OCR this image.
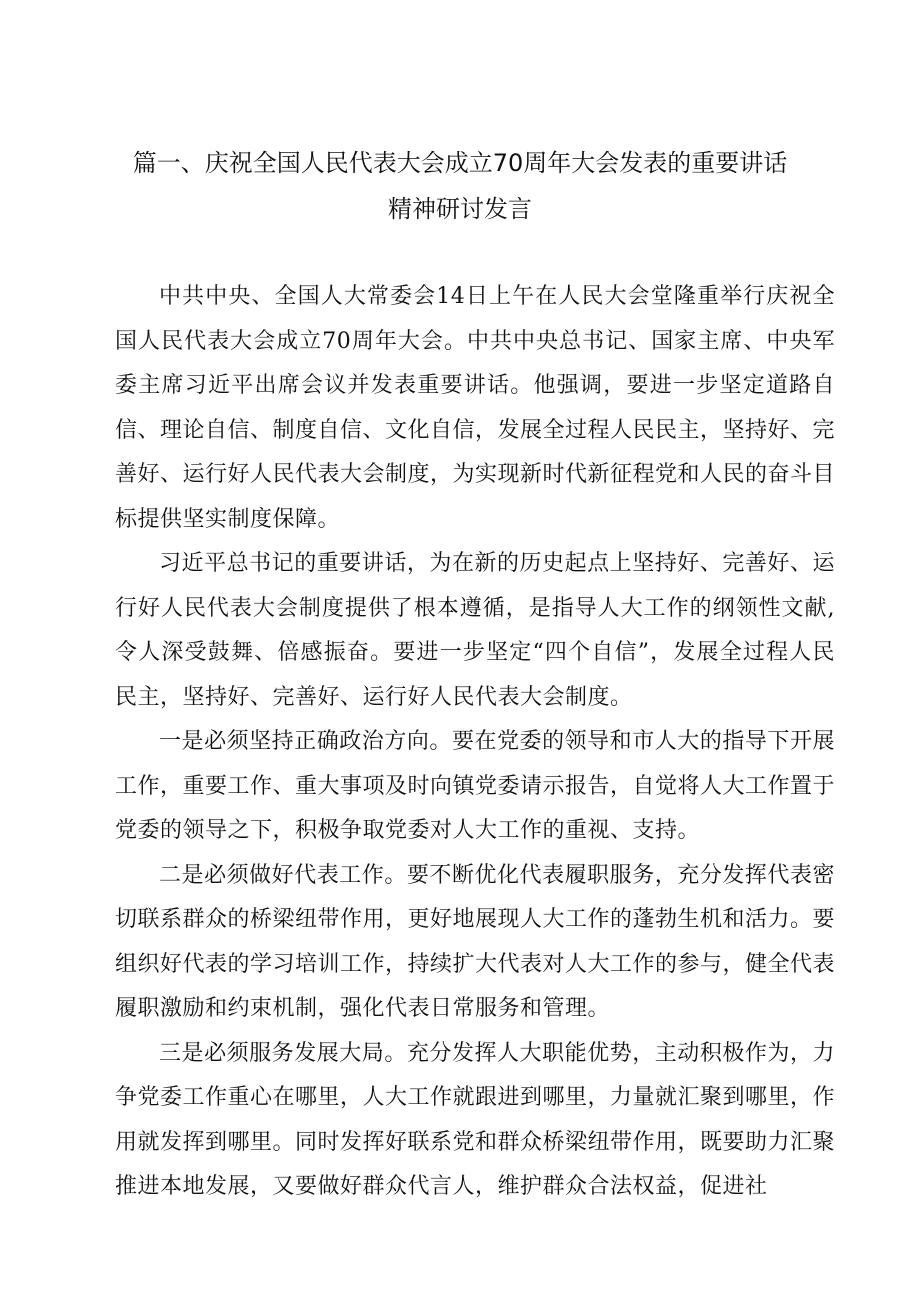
篇一、庆祝全国人民代表大会成立70周年大会发表的重要讲话
精神研讨发言

中共中央、全国人大常委会14日上午在人民大会堂隆重举行庆祝全国人民代表大会成立70周年大会。中共中央总书记、国家主席、中央军委主席习近平出席会议并发表重要讲话。他强调，要进一步坚定道路自信、理论自信、制度自信、文化自信，发展全过程人民民主，坚持好、完善好、运行好人民代表大会制度，为实现新时代新征程党和人民的奋斗目标提供坚实制度保障。

习近平总书记的重要讲话，为在新的历史起点上坚持好、完善好、运行好人民代表大会制度提供了根本遵循，是指导人大工作的纲领性文献,令人深受鼓舞、倍感振奋。要进一步坚定“四个自信”，发展全过程人民民主，坚持好、完善好、运行好人民代表大会制度。

一是必须坚持正确政治方向。要在党委的领导和市人大的指导下开展工作，重要工作、重大事项及时向镇党委请示报告，自觉将人大工作置于党委的领导之下，积极争取党委对人大工作的重视、支持。

二是必须做好代表工作。要不断优化代表履职服务，充分发挥代表密切联系群众的桥梁纽带作用，更好地展现人大工作的蓬勃生机和活力。要组织好代表的学习培训工作，持续扩大代表对人大工作的参与，健全代表履职激励和约束机制，强化代表日常服务和管理。

三是必须服务发展大局。充分发挥人大职能优势，主动积极作为，力争党委工作重心在哪里，人大工作就跟进到哪里，力量就汇聚到哪里，作用就发挥到哪里。同时发挥好联系党和群众桥梁纽带作用，既要助力汇聚推进本地发展，又要做好群众代言人，维护群众合法权益，促进社
